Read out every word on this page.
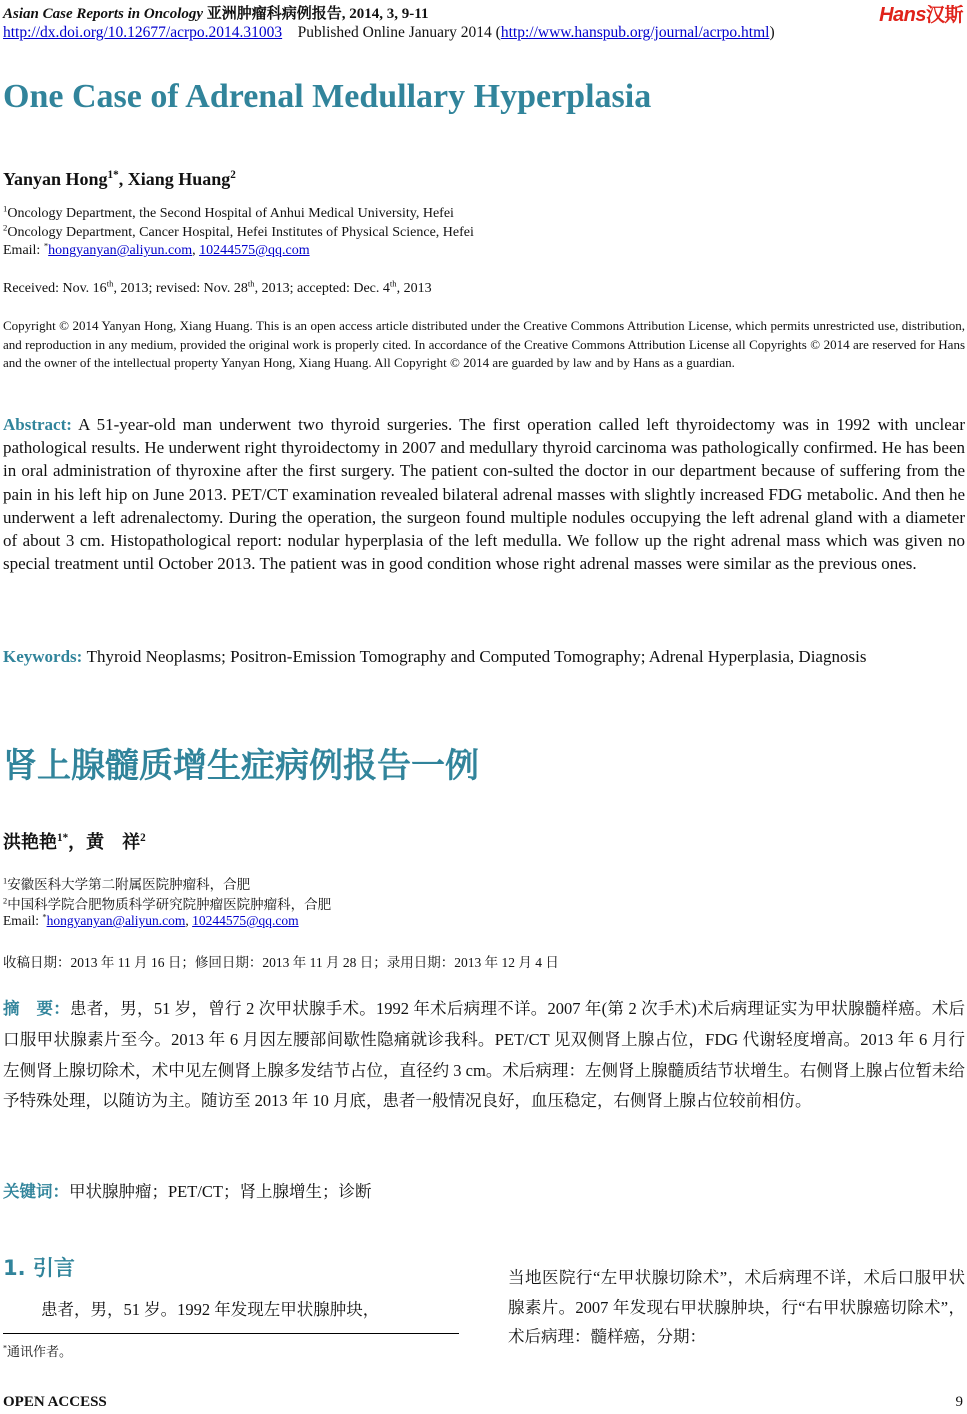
Asian Case Reports in Oncology 亚洲肿瘤科病例报告, 2014, 3, 9-11	Hans汉斯
http://dx.doi.org/10.12677/acrpo.2014.31003 Published Online January 2014 (http://www.hanspub.org/journal/acrpo.html)
One Case of Adrenal Medullary Hyperplasia
Yanyan Hong$^{1*}$, Xiang Huang$^2$
$^1$Oncology Department, the Second Hospital of Anhui Medical University, Hefei
$^2$Oncology Department, Cancer Hospital, Hefei Institutes of Physical Science, Hefei
Email: *hongyanyan@aliyun.com, 10244575@qq.com
Received: Nov. 16th, 2013; revised: Nov. 28th, 2013; accepted: Dec. 4th, 2013
Copyright © 2014 Yanyan Hong, Xiang Huang. This is an open access article distributed under the Creative Commons Attribution License, which permits unrestricted use, distribution, and reproduction in any medium, provided the original work is properly cited. In accordance of the Creative Commons Attribution License all Copyrights © 2014 are reserved for Hans and the owner of the intellectual property Yanyan Hong, Xiang Huang. All Copyright © 2014 are guarded by law and by Hans as a guardian.
Abstract: A 51-year-old man underwent two thyroid surgeries. The first operation called left thyroidectomy was in 1992 with unclear pathological results. He underwent right thyroidectomy in 2007 and medullary thyroid carcinoma was pathologically confirmed. He has been in oral administration of thyroxine after the first surgery. The patient con-sulted the doctor in our department because of suffering from the pain in his left hip on June 2013. PET/CT examination revealed bilateral adrenal masses with slightly increased FDG metabolic. And then he underwent a left adrenalectomy. During the operation, the surgeon found multiple nodules occupying the left adrenal gland with a diameter of about 3 cm. Histopathological report: nodular hyperplasia of the left medulla. We follow up the right adrenal mass which was given no special treatment until October 2013. The patient was in good condition whose right adrenal masses were similar as the previous ones.
Keywords: Thyroid Neoplasms; Positron-Emission Tomography and Computed Tomography; Adrenal Hyperplasia, Diagnosis
肾上腺髓质增生症病例报告一例
洪艳艳$^{1*}$，黄　祥$^2$
$^1$安徽医科大学第二附属医院肿瘤科，合肥
$^2$中国科学院合肥物质科学研究院肿瘤医院肿瘤科，合肥
Email: *hongyanyan@aliyun.com, 10244575@qq.com
收稿日期：2013 年 11 月 16 日；修回日期：2013 年 11 月 28 日；录用日期：2013 年 12 月 4 日
摘　要：患者，男，51 岁，曾行 2 次甲状腺手术。1992 年术后病理不详。2007 年(第 2 次手术)术后病理证实为甲状腺髓样癌。术后口服甲状腺素片至今。2013 年 6 月因左腰部间歇性隐痛就诊我科。PET/CT 见双侧肾上腺占位，FDG 代谢轻度增高。2013 年 6 月行左侧肾上腺切除术，术中见左侧肾上腺多发结节占位，直径约 3 cm。术后病理：左侧肾上腺髓质结节状增生。右侧肾上腺占位暂未给予特殊处理，以随访为主。随访至 2013 年 10 月底，患者一般情况良好，血压稳定，右侧肾上腺占位较前相仿。
关键词：甲状腺肿瘤；PET/CT；肾上腺增生；诊断
1. 引言
患者，男，51 岁。1992 年发现左甲状腺肿块，
*通讯作者。
当地医院行“左甲状腺切除术”，术后病理不详，术后口服甲状腺素片。2007 年发现右甲状腺肿块，行“右甲状腺癌切除术”，术后病理：髓样癌，分期：
OPEN ACCESS	9
